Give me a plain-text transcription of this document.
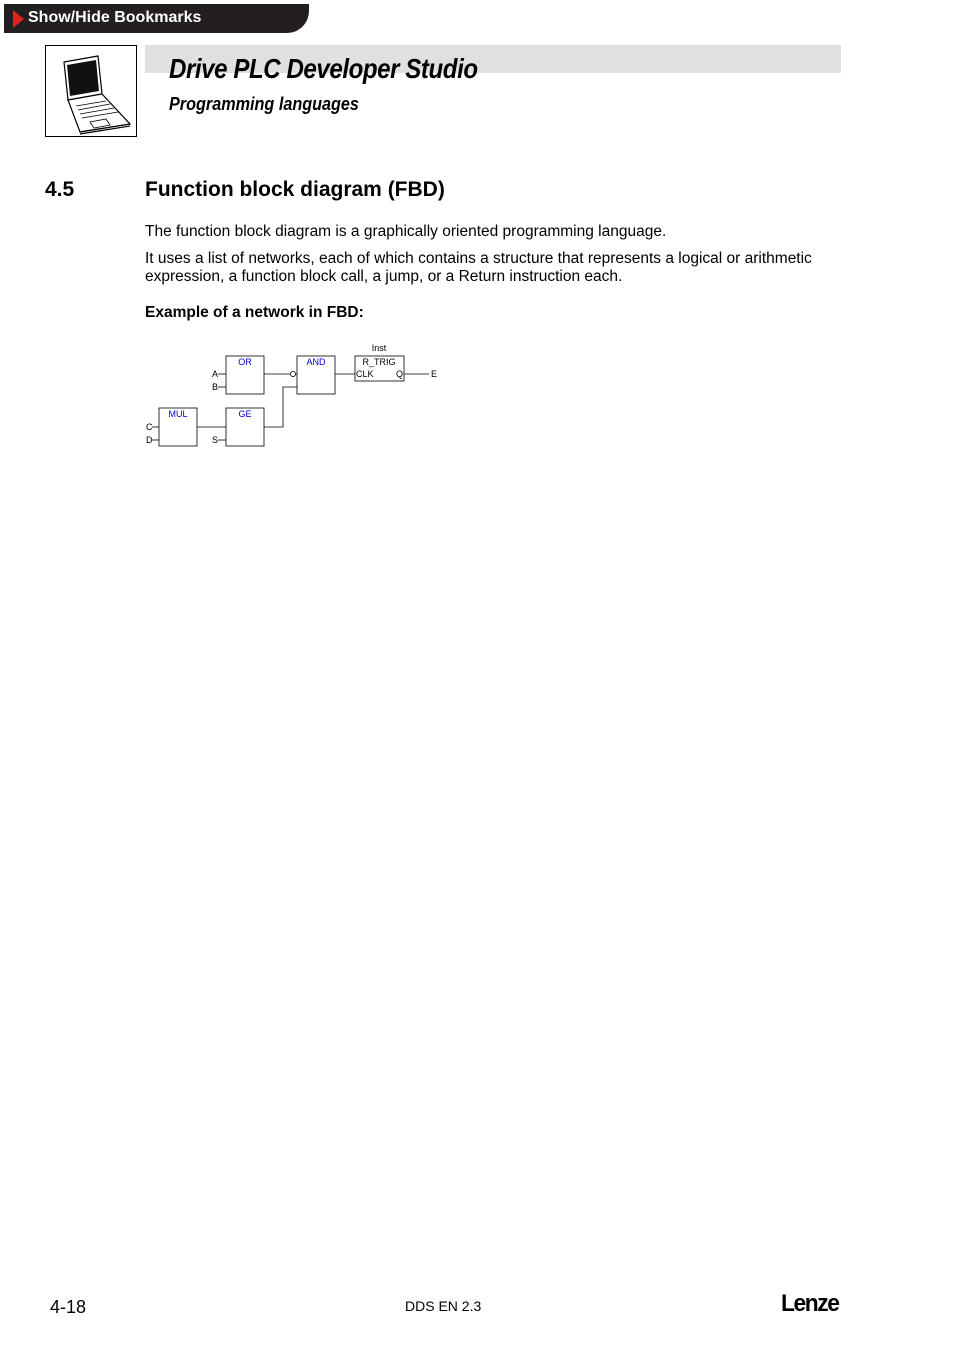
Show/Hide Bookmarks
Drive PLC Developer Studio
Programming languages
4.5	Function block diagram (FBD)
The function block diagram is a graphically oriented programming language.
It uses a list of networks, each of which contains a structure that represents a logical or arithmetic expression, a function block call, a jump, or a Return instruction each.
Example of a network in FBD:
OR	AND
Inst
R_TRIG
CLK Q
MUL	GE
A
B
C
D	S
E
4-18	DDS EN 2.3	Lenze
